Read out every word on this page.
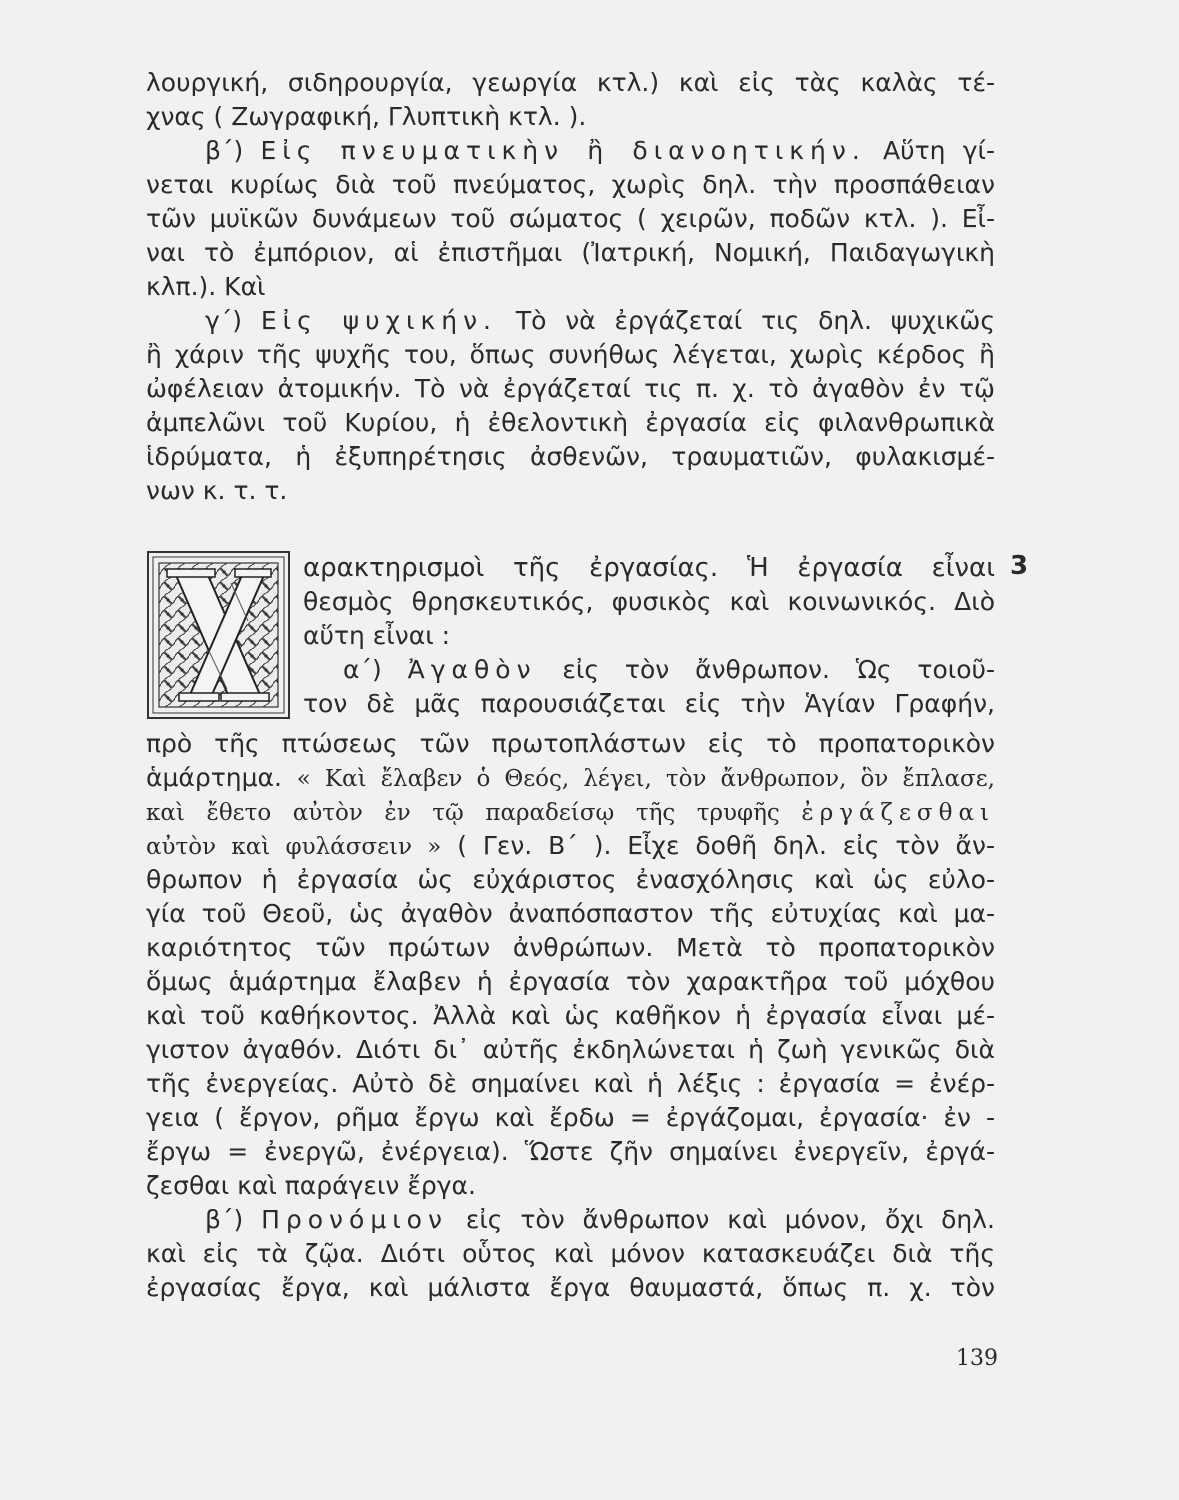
λουργική, σιδηρουργία, γεωργία κτλ.) καὶ εἰς τὰς καλὰς τέ-
χνας ( Ζωγραφική, Γλυπτικὴ κτλ. ).
β΄) Εἰς πνευματικὴν ἢ διανοητικήν. Αὕτη γί-
νεται κυρίως διὰ τοῦ πνεύματος, χωρὶς δηλ. τὴν προσπάθειαν
τῶν μυϊκῶν δυνάμεων τοῦ σώματος ( χειρῶν, ποδῶν κτλ. ). Εἶ-
ναι τὸ ἐμπόριον, αἱ ἐπιστῆμαι (Ἰατρική, Νομική, Παιδαγωγικὴ
κλπ.). Καὶ
γ΄) Εἰς ψυχικήν. Τὸ νὰ ἐργάζεταί τις δηλ. ψυχικῶς
ἢ χάριν τῆς ψυχῆς του, ὅπως συνήθως λέγεται, χωρὶς κέρδος ἢ
ὠφέλειαν ἀτομικήν. Τὸ νὰ ἐργάζεταί τις π. χ. τὸ ἀγαθὸν ἐν τῷ
ἀμπελῶνι τοῦ Κυρίου, ἡ ἐθελοντικὴ ἐργασία εἰς φιλανθρωπικὰ
ἱδρύματα, ἡ ἐξυπηρέτησις ἀσθενῶν, τραυματιῶν, φυλακισμέ-
νων κ. τ. τ.
αρακτηρισμοὶ τῆς ἐργασίας. Ἡ ἐργασία εἶναι 3
θεσμὸς θρησκευτικός, φυσικὸς καὶ κοινωνικός. Διὸ
αὕτη εἶναι :
α΄) Ἀγαθὸν εἰς τὸν ἄνθρωπον. Ὡς τοιοῦ-
τον δὲ μᾶς παρουσιάζεται εἰς τὴν Ἁγίαν Γραφήν,
πρὸ τῆς πτώσεως τῶν πρωτοπλάστων εἰς τὸ προπατορικὸν
ἁμάρτημα. « Καὶ ἔλαβεν ὁ Θεός, λέγει, τὸν ἄνθρωπον, ὃν ἔπλασε,
καὶ ἔθετο αὐτὸν ἐν τῷ παραδείσῳ τῆς τρυφῆς ἐργάζεσθαι
αὐτὸν καὶ φυλάσσειν » ( Γεν. Β΄ ). Εἶχε δοθῆ δηλ. εἰς τὸν ἄν-
θρωπον ἡ ἐργασία ὡς εὐχάριστος ἐνασχόλησις καὶ ὡς εὐλο-
γία τοῦ Θεοῦ, ὡς ἀγαθὸν ἀναπόσπαστον τῆς εὐτυχίας καὶ μα-
καριότητος τῶν πρώτων ἀνθρώπων. Μετὰ τὸ προπατορικὸν
ὅμως ἁμάρτημα ἔλαβεν ἡ ἐργασία τὸν χαρακτῆρα τοῦ μόχθου
καὶ τοῦ καθήκοντος. Ἀλλὰ καὶ ὡς καθῆκον ἡ ἐργασία εἶναι μέ-
γιστον ἀγαθόν. Διότι δι᾽ αὐτῆς ἐκδηλώνεται ἡ ζωὴ γενικῶς διὰ
τῆς ἐνεργείας. Αὐτὸ δὲ σημαίνει καὶ ἡ λέξις : ἐργασία = ἐνέρ-
γεια ( ἔργον, ρῆμα ἔργω καὶ ἔρδω = ἐργάζομαι, ἐργασία· ἐν -
ἔργω = ἐνεργῶ, ἐνέργεια). Ὥστε ζῆν σημαίνει ἐνεργεῖν, ἐργά-
ζεσθαι καὶ παράγειν ἔργα.
β΄) Προνόμιον εἰς τὸν ἄνθρωπον καὶ μόνον, ὄχι δηλ.
καὶ εἰς τὰ ζῷα. Διότι οὗτος καὶ μόνον κατασκευάζει διὰ τῆς
ἐργασίας ἔργα, καὶ μάλιστα ἔργα θαυμαστά, ὅπως π. χ. τὸν
139
